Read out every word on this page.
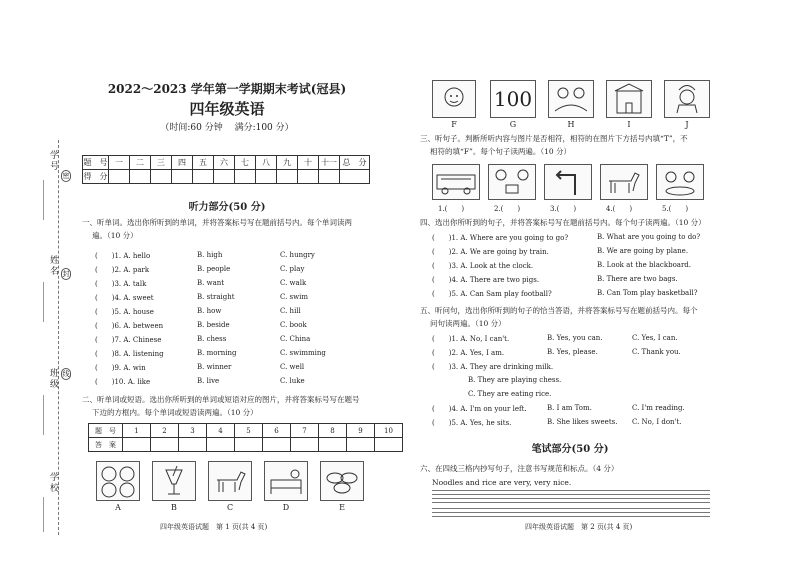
学号
姓名
班级
学校
密
封
线
2022～2023 学年第一学期期末考试(冠县)
四年级英语
（时间:60 分钟　 满分:100 分）
题　号	一	二	三	四	五	六	七	八	九	十	十一	总　分
得　分												
听力部分(50 分)
一、听单词。选出你所听到的单词，并将答案标号写在题前括号内。每个单词读两
遍。（10 分）
(　　)1. A. hello	B. high	C. hungry
(　　)2. A. park	B. people	C. play
(　　)3. A. talk	B. want	C. walk
(　　)4. A. sweet	B. straight	C. swim
(　　)5. A. house	B. how	C. hill
(　　)6. A. between	B. beside	C. book
(　　)7. A. Chinese	B. chess	C. China
(　　)8. A. listening	B. morning	C. swimming
(　　)9. A. win	B. winner	C. well
(　　)10. A. like	B. live	C. luke
二、听单词或短语。选出你所听到的单词或短语对应的图片，并将答案标号写在题号
下边的方框内。每个单词或短语读两遍。（10 分）
题　号	1	2	3	4	5	6	7	8	9	10
答　案										
A	B	C	D	E
四年级英语试题　第 1 页(共 4 页)
F
100
G	H	I	J
三、听句子。判断所听内容与图片是否相符，相符的在图片下方括号内填“T”，不
相符的填“F”。每个句子读两遍。（10 分）
1.(　　)	2.(　　)	3.(　　)	4.(　　)	5.(　　)
四、选出你所听到的句子，并将答案标号写在题前括号内。每个句子读两遍。（10 分）
(　　)1. A. Where are you going to go?	B. What are you going to do?
(　　)2. A. We are going by train.	B. We are going by plane.
(　　)3. A. Look at the clock.	B. Look at the blackboard.
(　　)4. A. There are two pigs.	B. There are two bags.
(　　)5. A. Can Sam play football?	B. Can Tom play basketball?
五、听问句，选出你所听到的句子的恰当答语，并将答案标号写在题前括号内。每个
问句读两遍。（10 分）
(　　)1. A. No, I can't.	B. Yes, you can.	C. Yes, I can.
(　　)2. A. Yes, I am.	B. Yes, please.	C. Thank you.
(　　)3. A. They are drinking milk.
B. They are playing chess.
C. They are eating rice.
(　　)4. A. I'm on your left.	B. I am Tom.	C. I'm reading.
(　　)5. A. Yes, he sits.	B. She likes sweets. C. No, I don't.
笔试部分(50 分)
六、在四线三格内抄写句子，注意书写规范和标点。（4 分）
Noodles and rice are very, very nice.
四年级英语试题　第 2 页(共 4 页)
